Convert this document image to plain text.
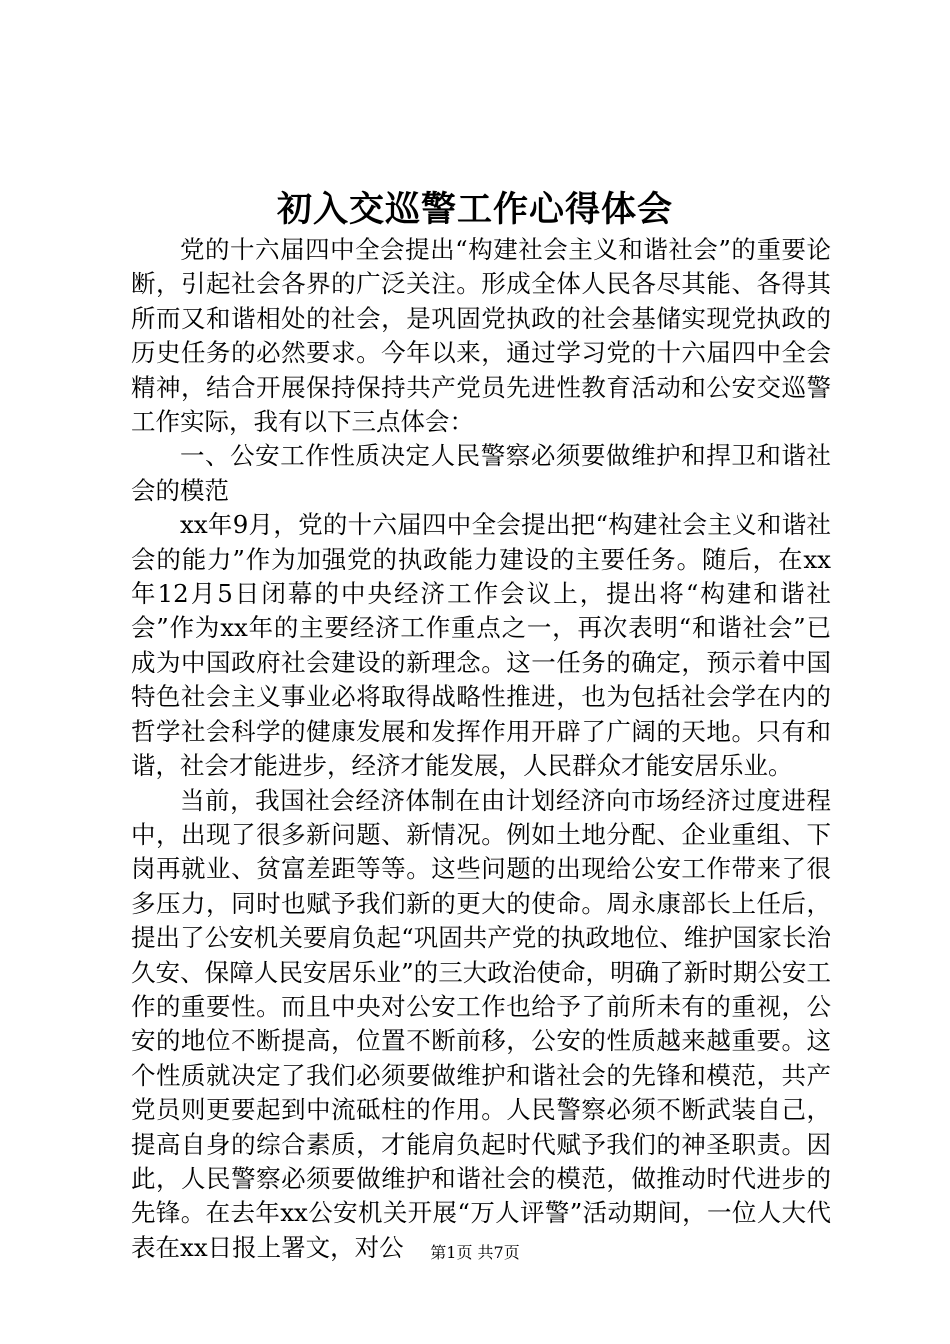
初入交巡警工作心得体会

党的十六届四中全会提出“构建社会主义和谐社会”的重要论断，引起社会各界的广泛关注。形成全体人民各尽其能、各得其所而又和谐相处的社会，是巩固党执政的社会基储实现党执政的历史任务的必然要求。今年以来，通过学习党的十六届四中全会精神，结合开展保持保持共产党员先进性教育活动和公安交巡警工作实际，我有以下三点体会：

一、公安工作性质决定人民警察必须要做维护和捍卫和谐社会的模范

xx年9月，党的十六届四中全会提出把“构建社会主义和谐社会的能力”作为加强党的执政能力建设的主要任务。随后，在xx年12月5日闭幕的中央经济工作会议上，提出将“构建和谐社会”作为xx年的主要经济工作重点之一，再次表明“和谐社会”已成为中国政府社会建设的新理念。这一任务的确定，预示着中国特色社会主义事业必将取得战略性推进，也为包括社会学在内的哲学社会科学的健康发展和发挥作用开辟了广阔的天地。只有和谐，社会才能进步，经济才能发展，人民群众才能安居乐业。

当前，我国社会经济体制在由计划经济向市场经济过度进程中，出现了很多新问题、新情况。例如土地分配、企业重组、下岗再就业、贫富差距等等。这些问题的出现给公安工作带来了很多压力，同时也赋予我们新的更大的使命。周永康部长上任后，提出了公安机关要肩负起“巩固共产党的执政地位、维护国家长治久安、保障人民安居乐业”的三大政治使命，明确了新时期公安工作的重要性。而且中央对公安工作也给予了前所未有的重视，公安的地位不断提高，位置不断前移，公安的性质越来越重要。这个性质就决定了我们必须要做维护和谐社会的先锋和模范，共产党员则更要起到中流砥柱的作用。人民警察必须不断武装自己，提高自身的综合素质，才能肩负起时代赋予我们的神圣职责。因此，人民警察必须要做维护和谐社会的模范，做推动时代进步的先锋。在去年xx公安机关开展“万人评警”活动期间，一位人大代表在xx日报上署文，对公	第1页 共7页
